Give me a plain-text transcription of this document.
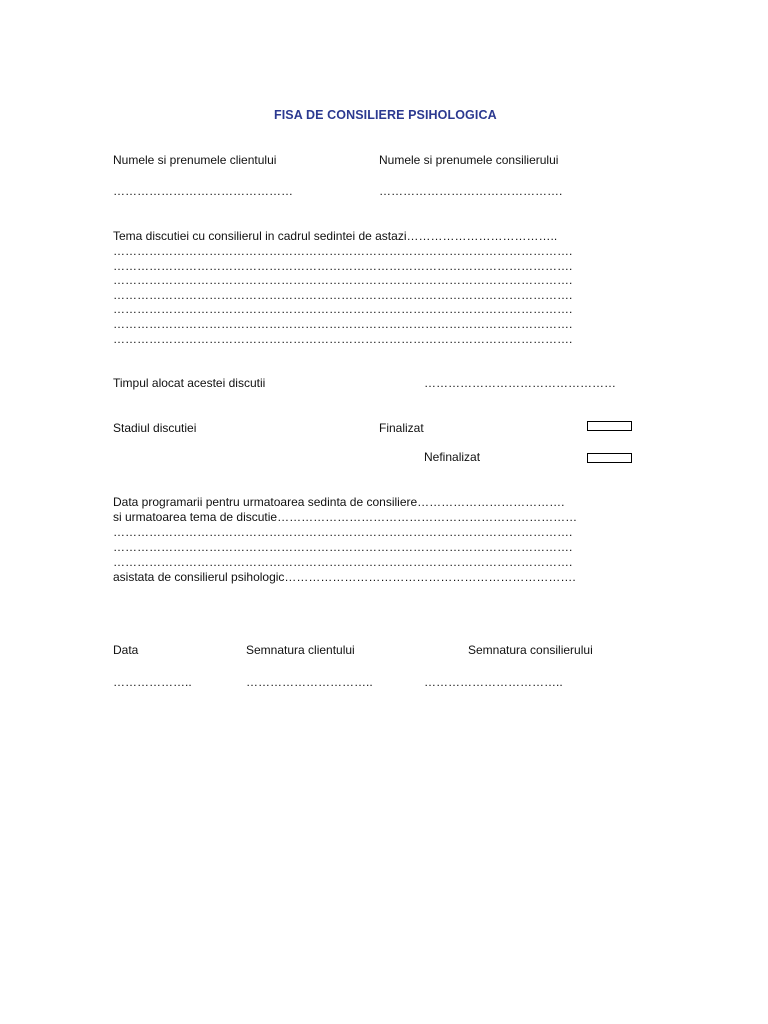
FISA DE CONSILIERE PSIHOLOGICA
Numele si prenumele clientului	Numele si prenumele consilierului
………………………………………	……………………………………….
Tema discutiei cu consilierul in cadrul sedintei de astazi………………………………..
…………………………………………………………………………………………………….
…………………………………………………………………………………………………….
…………………………………………………………………………………………………….
…………………………………………………………………………………………………….
…………………………………………………………………………………………………….
…………………………………………………………………………………………………….
…………………………………………………………………………………………………….
Timpul alocat acestei discutii	…………………………………………
Stadiul discutiei	Finalizat
Nefinalizat
Data programarii pentru urmatoarea sedinta de consiliere……………………………….
si urmatoarea tema de discutie…………………………………………………………………
…………………………………………………………………………………………………….
…………………………………………………………………………………………………….
…………………………………………………………………………………………………….
asistata de consilierul psihologic……………………………………………………………….
Data	Semnatura clientului	Semnatura consilierului
………………..	…………………………..	……………………………..
